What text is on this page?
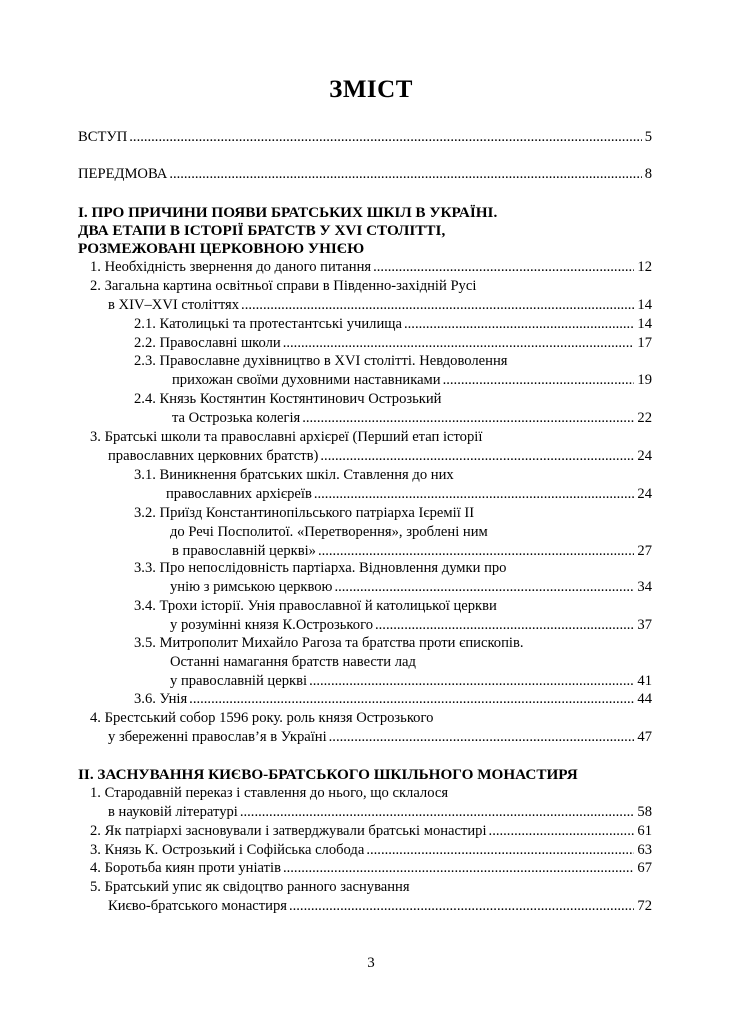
ЗМІСТ
ВСТУП .....	5
ПЕРЕДМОВА .....	8
І. ПРО ПРИЧИНИ ПОЯВИ БРАТСЬКИХ ШКІЛ В УКРАЇНІ.
ДВА ЕТАПИ В ІСТОРІЇ БРАТСТВ У XVI СТОЛІТТІ,
РОЗМЕЖОВАНІ ЦЕРКОВНОЮ УНІЄЮ
1. Необхідність звернення до даного питання .....	12
2. Загальна картина освітньої справи в Південно-західній Русі
в XIV–XVI століттях .....	14
2.1. Католицькі та протестантські училища .....	14
2.2. Православні школи .....	17
2.3. Православне духівництво в XVI столітті. Невдоволення
прихожан своїми духовними наставниками .....	19
2.4. Князь Костянтин Костянтинович Острозький
та Острозька колегія .....	22
3. Братські школи та православні архієреї (Перший етап історії
православних церковних братств) .....	24
3.1. Виникнення братських шкіл. Ставлення до них
православних архієреїв .....	24
3.2. Приїзд Константинопільського патріарха Ієремії II
до Речі Посполитої. «Перетворення», зроблені ним
в православній церкві» .....	27
3.3. Про непослідовність партіарха. Відновлення думки про
унію з римською церквою .....	34
3.4. Трохи історії. Унія православної й католицької церкви
у розумінні князя К.Острозького .....	37
3.5. Митрополит Михайло Рагоза та братства проти єпископів.
Останні намагання братств навести лад
у православній церкві .....	41
3.6. Унія .....	44
4. Брестський собор 1596 року. роль князя Острозького
у збереженні православ’я в Україні .....	47
ІІ. ЗАСНУВАННЯ КИЄВО-БРАТСЬКОГО ШКІЛЬНОГО МОНАСТИРЯ
1. Стародавній переказ і ставлення до нього, що склалося
в науковій літературі .....	58
2. Як патріархі засновували і затверджували братські монастирі .....	61
3. Князь К. Острозький і Софійська слобода .....	63
4. Боротьба киян проти уніатів .....	67
5. Братський упис як свідоцтво ранного заснування
Києво-братського монастиря .....	72
3
